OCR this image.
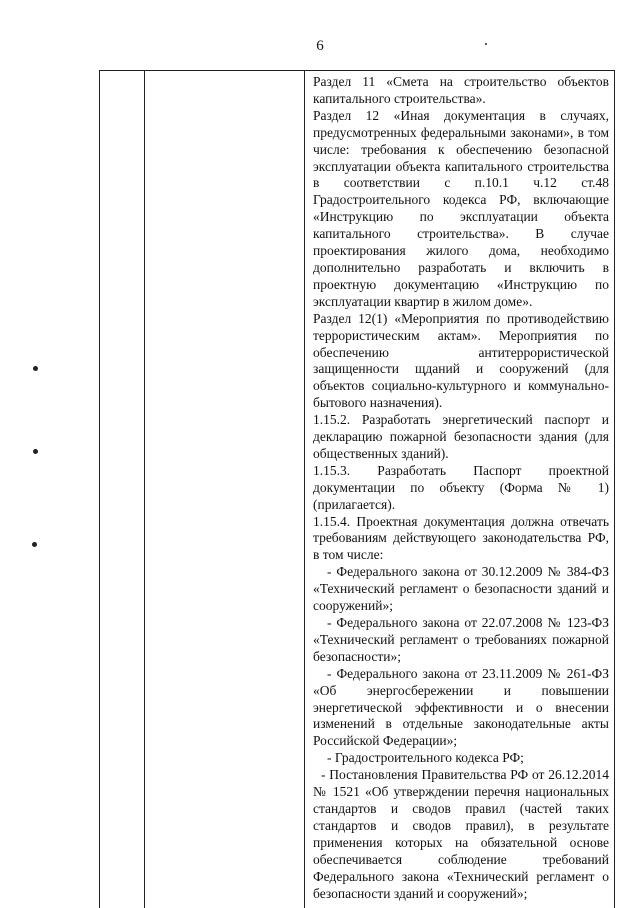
6

Раздел 11 «Смета на строительство объектов капитального строительства».

Раздел 12 «Иная документация в случаях, предусмотренных федеральными законами», в том числе: требования к обеспечению безопасной эксплуатации объекта капитального строительства в соответствии с п.10.1 ч.12 ст.48 Градостроительного кодекса РФ, включающие «Инструкцию по эксплуатации объекта капитального строительства». В случае проектирования жилого дома, необходимо дополнительно разработать и включить в проектную документацию «Инструкцию по эксплуатации квартир в жилом доме».

Раздел 12(1) «Мероприятия по противодействию террористическим актам». Мероприятия по обеспечению антитеррористической защищенности щданий и сооружений (для объектов социально-культурного и коммунально-бытового назначения).

1.15.2. Разработать энергетический паспорт и декларацию пожарной безопасности здания (для общественных зданий).

1.15.3. Разработать Паспорт проектной документации по объекту (Форма № 1) (прилагается).

1.15.4. Проектная документация должна отвечать требованиям действующего законодательства РФ, в том числе:

- Федерального закона от 30.12.2009 № 384-ФЗ «Технический регламент о безопасности зданий и сооружений»;

- Федерального закона от 22.07.2008 № 123-ФЗ «Технический регламент о требованиях пожарной безопасности»;

- Федерального закона от 23.11.2009 № 261-ФЗ «Об энергосбережении и повышении энергетической эффективности и о внесении изменений в отдельные законодательные акты Российской Федерации»;

- Градостроительного кодекса РФ;

- Постановления Правительства РФ от 26.12.2014 № 1521 «Об утверждении перечня национальных стандартов и сводов правил (частей таких стандартов и сводов правил), в результате применения которых на обязательной основе обеспечивается соблюдение требований Федерального закона «Технический регламент о безопасности зданий и сооружений»;
